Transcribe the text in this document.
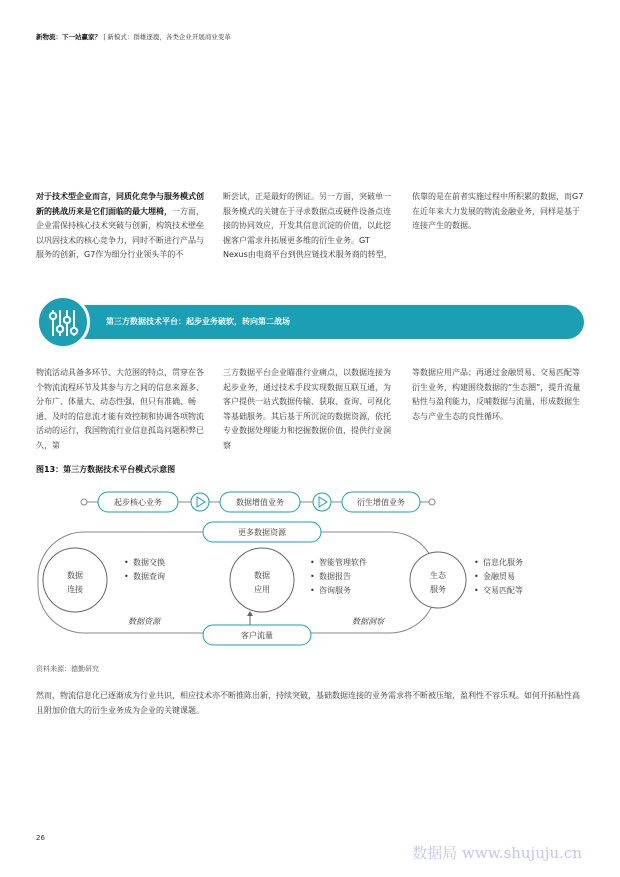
新物流：下一站赢家？ | 新模式：群雄逐鹿，各类企业开展商业变革
对于技术型企业而言，同质化竞争与服务模式创新的挑战历来是它们面临的最大埋椅，一方面，企业需保持核心技术突破与创新，构筑技术壁垒以巩固技术的核心竞争力，同时不断进行产品与服务的创新，G7作为细分行业领头羊的不
断尝试，正是最好的例证。另一方面，突破单一服务模式的关键在于寻求数据点或硬件设备点连接的协同效应，开发其信息沉淀的价值，以此挖掘客户需求并拓展更多维的衍生业务。GT Nexus由电商平台到供应链技术服务商的转型，
依靠的是在前者实施过程中所积累的数据，而G7在近年来大力发展的物流金融业务，同样是基于连接产生的数据。
第三方数据技术平台：起步业务破软，转向第二战场
物流活动具备多环节、大范围的特点，贯穿在各个物流流程环节及其参与方之间的信息来源多、分布广、体量大、动态性强，但只有准确、畅通、及时的信息流才能有效控制和协调各项物流活动的运行，我国物流行业信息孤岛问题积弊已久，第
三方数据平台企业瞄准行业痛点，以数据连接为起步业务，通过技术手段实现数据互联互通，为客户提供一站式数据传输、获取、查询、可视化等基础服务。其后基于所沉淀的数据资源，依托专业数据处理能力和挖掘数据价值，提供行业洞察
等数据应用产品；再通过金融贸易、交易匹配等衍生业务，构建围绕数据的“生态圈”，提升流量粘性与盈利能力，反哺数据与流量，形成数据生态与产业生态的良性循环。
图13：第三方数据技术平台模式示意图
起步核心业务	数据增值业务	衍生增值业务
更多数据资源
数据
连接
• 数据交换
• 数据查询	数据
应用
• 智能管理软件
• 数据报告
• 咨询服务
生态
服务
• 信息化服务
• 金融贸易
• 交易匹配等
数据资源	数据洞察
客户流量
资料来源：德勤研究
然而，物流信息化已逐渐成为行业共识，相应技术亦不断推陈出新，持续突破，基础数据连接的业务需求将不断被压缩，盈利性不容乐观。如何开拓粘性高且附加价值大的衍生业务成为企业的关键课题。
26
数据局 www.shujuju.cn
